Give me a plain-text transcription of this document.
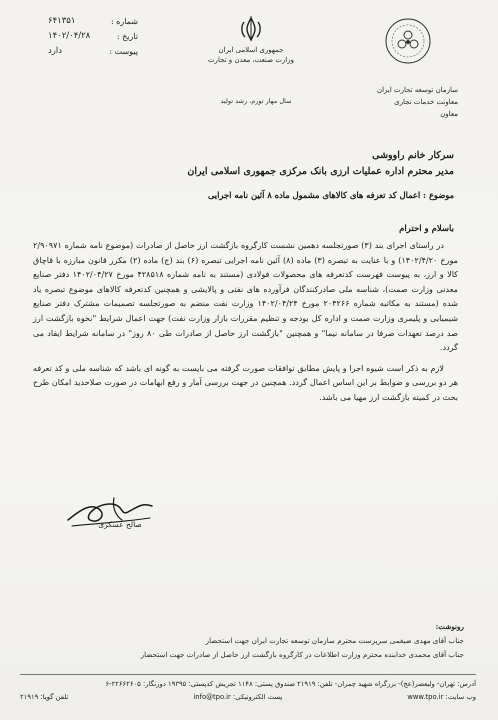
شماره :
۶۴۱۳۵۱
تاریخ :
۱۴۰۲/۰۴/۲۸
پیوست :
دارد	جمهوری اسلامی ایران
وزارت صنعت، معدن و تجارت
سال مهار تورم، رشد تولید
سازمان توسعه تجارت ایران
معاونت خدمات تجاری
معاون
سرکار خانم راووشی
مدیر محترم اداره عملیات ارزی بانک مرکزی جمهوری اسلامی ایران
موضوع : اعمال کد تعرفه های کالاهای مشمول ماده ۸ آئین نامه اجرایی
باسلام و احترام

در راستای اجرای بند (۳) صورتجلسه دهمین نشست کارگروه بازگشت ارز حاصل از صادرات (موضوع نامه شماره ۲/۹۰۹۷۱ مورخ ۱۴۰۲/۴/۲۰) و با عنایت به تبصره (۳) ماده (۸) آئین نامه اجرایی تبصره (۶) بند (ج) ماده (۲) مکرر قانون مبارزه با قاچاق کالا و ارز، به پیوست فهرست کدتعرفه های محصولات فولادی (مستند به نامه شماره ۴۲۸۵۱۸ مورخ ۱۴۰۲/۰۴/۲۷ دفتر صنایع معدنی وزارت صمت)، شناسه ملی صادرکنندگان فرآورده های نفتی و پالایشی و همچنین کدتعرفه کالاهای موضوع تبصره یاد شده (مستند به مکاتبه شماره ۲۰۴۲۶۶ مورخ ۱۴۰۲/۰۴/۲۴ وزارت نفت منضم به صورتجلسه تصمیمات مشترک دفتر صنایع شیمیایی و پلیمری وزارت صمت و اداره کل بودجه و تنظیم مقررات بازار وزارت نفت) جهت اعمال شرایط "نحوه بازگشت ارز صد درصد تعهدات صرفا در سامانه نیما" و همچنین "بازگشت ارز حاصل از صادرات طی ۸۰ روز" در سامانه شرایط ایفاد می گردد.

لازم به ذکر است شیوه اجرا و پایش مطابق توافقات صورت گرفته می بایست به گونه ای باشد که شناسه ملی و کد تعرفه هر دو بررسی و ضوابط بر این اساس اعمال گردد. همچنین در جهت بررسی آمار و رفع ابهامات در صورت صلاحدید امکان طرح بحث در کمیته بازگشت ارز مهیا می باشد.

صالح عسکری
رونوشت:
جناب آقای مهدی ضیغمی سرپرست محترم سازمان توسعه تجارت ایران جهت استحضار
جناب آقای محمدی خدابنده محترم وزارت اطلاعات در کارگروه بازگشت ارز حاصل از صادرات جهت استحضار
آدرس: تهران- ولیعصر(عج)- بزرگراه شهید چمران- تلفن: ۲۱۹۱۹ صندوق پستی: ۱۱۴۸ تجریش کدپستی: ۱۹۳۹۵ دورنگار: ۲۲۶۶۲۶۰۵-۶
وب سایت: www.tpo.ir
پست الکترونیکی: info@tpo.ir
تلفن گویا: ۲۱۹۱۹
